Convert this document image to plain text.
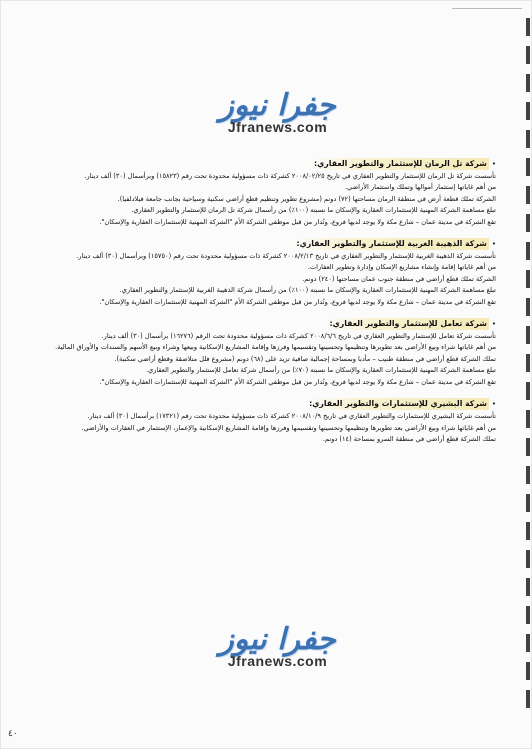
جفرا نيوز
Jfranews.com
•شركة تل الرمان للإستثمار والتطوير العقاري:
تأسست شركة تل الرمان للإستثمار والتطوير العقاري في تاريخ ٢٠٠٨/٠٢/٢٥ كشركة ذات مسؤولية محدودة تحت رقم (١٥٨٢٣) وبرأسمال (٣٠) ألف دينار.
من أهم غاياتها إستثمار أموالها وتملك واستثمار الأراضي.
الشركة تملك قطعة أرض في منطقة الرمان مساحتها (٧٢) دونم (مشروع تطوير وتنظيم قطع أراضي سكنية وسياحية بجانب جامعة فيلادلفيا).
تبلغ مساهمة الشركة المهنية للإستثمارات العقارية والإسكان ما نسبته (١٠٠٪) من رأسمال شركة تل الرمان للإستثمار والتطوير العقاري.
تقع الشركة في مدينة عمان – شارع مكة ولا يوجد لديها فروع، وتُدار من قبل موظفي الشركة الأم "الشركة المهنية للإستثمارات العقارية والإسكان".
•شركة الذهيبة الغربية للإستثمار والتطوير العقاري:
تأسست شركة الذهيبة الغربية للإستثمار والتطوير العقاري في تاريخ ٢٠٠٨/٢/١٣ كشركة ذات مسؤولية محدودة تحت رقم (١٥٧٥٠) وبرأسمال (٣٠) ألف دينار.
من أهم غاياتها إقامة وإنشاء مشاريع الإسكان وإدارة وتطوير العقارات.
الشركة تملك قطع أراضي في منطقة جنوب عمان مساحتها (٢٤٠) دونم.
تبلغ مساهمة الشركة المهنية للإستثمارات العقارية والإسكان ما نسبته (١٠٠٪) من رأسمال شركة الذهيبة الغربية للإستثمار والتطوير العقاري.
تقع الشركة في مدينة عمان – شارع مكة ولا يوجد لديها فروع، وتُدار من قبل موظفي الشركة الأم "الشركة المهنية للإستثمارات العقارية والإسكان".
•شركة تعامل للإستثمار والتطوير العقاري:
تأسست شركة تعامل للإستثمار والتطوير العقاري في تاريخ ٢٠٠٨/٦/٦ كشركة ذات مسؤولية محدودة تحت الرقم (١٦٢٧٦) برأسمال (٣٠) ألف دينار.
من أهم غاياتها شراء وبيع الأراضي بعد تطويرها وتنظيمها وتحسينها وتقسيمها وفرزها وإقامة المشاريع الإسكانية وبيعها وشراء وبيع الأسهم والسندات والأوراق المالية.
تملك الشركة قطع أراضي في منطقة طنيب – مأدبا وبمساحة إجمالية صافية تزيد على (٦٨) دونم (مشروع فلل متلاصقة وقطع أراضي سكنية).
تبلغ مساهمة الشركة المهنية للإستثمارات العقارية والإسكان ما نسبته (٧٠٪) من رأسمال شركة تعامل للإستثمار والتطوير العقاري.
تقع الشركة في مدينة عمان – شارع مكة ولا يوجد لديها فروع، وتُدار من قبل موظفي الشركة الأم "الشركة المهنية للإستثمارات العقارية والإسكان".
•شركة البشيري للإستثمارات والتطوير العقاري:
تأسست شركة البشيري للإستثمارات والتطوير العقاري في تاريخ ٢٠٠٨/١٠/٩ كشركة ذات مسؤولية محدودة تحت رقم (١٧٣٢١) برأسمال (٣٠) ألف دينار.
من أهم غاياتها شراء وبيع الأراضي بعد تطويرها وتنظيمها وتحسينها وتقسيمها وفرزها وإقامة المشاريع الإسكانية والإعمار، الإستثمار في العقارات والأراضي.
تملك الشركة قطع أراضي في منطقة السرو بمساحة (١٤) دونم.
جفرا نيوز
Jfranews.com
٤٠
